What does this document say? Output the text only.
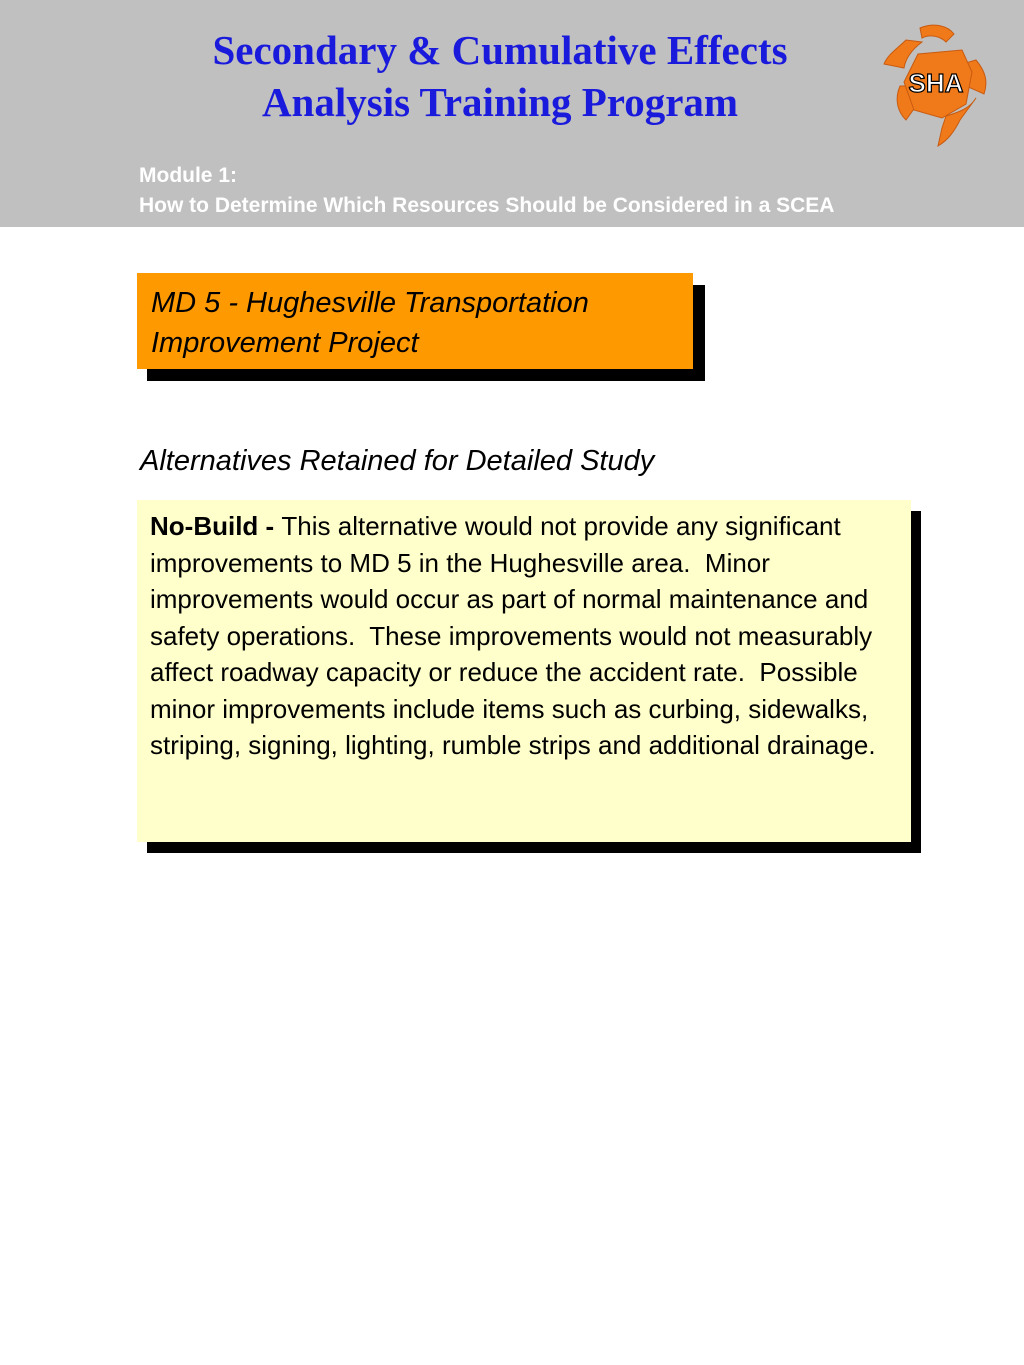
Secondary & Cumulative Effects
Analysis Training Program
Module 1:
How to Determine Which Resources Should be Considered in a SCEA
SHA
MD 5 - Hughesville Transportation
Improvement Project
Alternatives Retained for Detailed Study
No-Build - This alternative would not provide any significant improvements to MD 5 in the Hughesville area.  Minor improvements would occur as part of normal maintenance and safety operations.  These improvements would not measurably affect roadway capacity or reduce the accident rate.  Possible minor improvements include items such as curbing, sidewalks, striping, signing, lighting, rumble strips and additional drainage.
